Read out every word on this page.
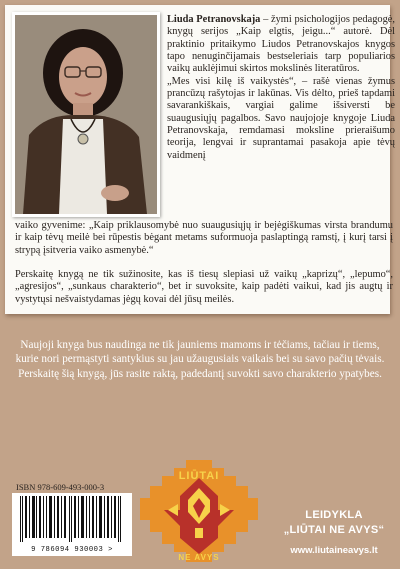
Liuda Petranovskaja – žymi psichologijos pedagogė, knygų serijos „Kaip elgtis, jeigu...“ autorė. Dėl praktinio pritaikymo Liudos Petranovskajos knygos tapo nenuginčijamais bestseleriais tarp populiarios vaikų auklėjimui skirtos mokslinės literatūros.
„Mes visi kilę iš vaikystės“, – rašė vienas žymus prancūzų rašytojas ir lakūnas. Vis dėlto, prieš tapdami savarankiškais, vargiai galime išsiversti be suaugusiųjų pagalbos. Savo naujojoje knygoje Liuda Petranovskaja, remdamasi moksline prieraišumo teorija, lengvai ir suprantamai pasakoja apie tėvų vaidmenį
vaiko gyvenime: „Kaip priklausomybė nuo suaugusiųjų ir bejėgiškumas virsta brandumu ir kaip tėvų meilė bei rūpestis bėgant metams suformuoja paslaptingą ramstį, į kurį tarsi į strypą įsitveria vaiko asmenybė.“
Perskaitę knygą ne tik sužinosite, kas iš tiesų slepiasi už vaikų „kaprizų“, „lepumo“, „agresijos“, „sunkaus charakterio“, bet ir suvoksite, kaip padėti vaikui, kad jis augtų ir vystytųsi nešvaistydamas jėgų kovai dėl jūsų meilės.
Naujoji knyga bus naudinga ne tik jauniems mamoms ir tėčiams, tačiau ir tiems, kurie nori permąstyti santykius su jau užaugusiais vaikais bei su savo pačių tėvais. Perskaitę šią knygą, jūs rasite raktą, padedantį suvokti savo charakterio ypatybes.
ISBN 978-609-493-000-3
9 786094 930003 >
LIŪTAI
NE AVYS
LEIDYKLA
„LIŪTAI NE AVYS“
www.liutaineavys.lt
